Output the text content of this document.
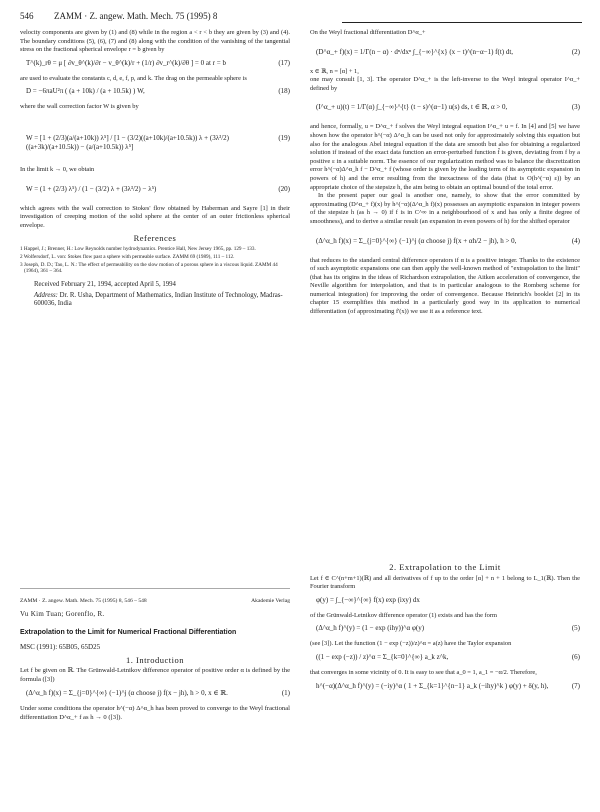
546 ZAMM · Z. angew. Math. Mech. 75 (1995) 8

velocity components are given by (1) and (8) while in the region a < r < b they are given by (3) and (4). The boundary conditions (5), (6), (7) and (8) along with the condition of the vanishing of the tangential stress on the fractional spherical envelope r = b given by

T^(k)_rθ = μ [ ∂v_θ^(k)/∂r − v_θ^(k)/r + (1/r) ∂v_r^(k)/∂θ ] = 0 at r = b	(17)

are used to evaluate the constants c, d, e, f, p, and k. The drag on the permeable sphere is

D = −6πaU²π ( (a + 10k) / (a + 10.5k) ) W,	(18)

where the wall correction factor W is given by

W = [1 + (2/3)(a/(a+10k)) λ⁵] / [1 − (3/2)((a+10k)/(a+10.5k)) λ + (3λ³/2)((a+3k)/(a+10.5k)) − (a/(a+10.5k)) λ⁵]
(19)

In the limit k → 0, we obtain

W = (1 + (2/3) λ⁵) / (1 − (3/2) λ + (3λ³/2) − λ⁵)	(20)

which agrees with the wall correction to Stokes' flow obtained by Haberman and Sayre [1] in their investigation of creeping motion of the solid sphere at the center of an outer frictionless spherical envelope.

References
1 Happel, J.; Brenner, H.: Low Reynolds number hydrodynamics. Prentice Hall, New Jersey 1965, pp. 129 – 133.
2 Wolfersdorf, L. von: Stokes flow past a sphere with permeable surface. ZAMM 69 (1989), 111 – 112.
3 Joseph, D. D.; Tao, L. N.: The effect of permeability on the slow motion of a porous sphere in a viscous liquid. ZAMM 44 (1964), 361 – 364.
Received February 21, 1994, accepted April 5, 1994
Address: Dr. R. Usha, Department of Mathematics, Indian Institute of Technology, Madras-600036, India
ZAMM · Z. angew. Math. Mech. 75 (1995) 8, 546 – 548	Akademie Verlag
Vu Kim Tuan; Gorenflo, R.
Extrapolation to the Limit for Numerical Fractional Differentiation
MSC (1991): 65B05, 65D25
1. Introduction

Let f be given on ℝ. The Grünwald-Letnikov difference operator of positive order α is defined by the formula ([3])

(Δ^α_h f)(x) = Σ_{j=0}^{∞} (−1)^j (α choose j) f(x − jh), h > 0, x ∈ ℝ.	(1)

Under some conditions the operator h^(−α) Δ^α_h has been proved to converge to the Weyl fractional differentiation D^α_+ f as h → 0 ([3]).

On the Weyl fractional differentiation D^α_+

(D^α_+ f)(x) = 1/Γ(n − α) · dⁿ/dxⁿ ∫_{−∞}^{x} (x − t)^(n−α−1) f(t) dt,	(2)

x ∈ ℝ, n = [α] + 1,

one may consult [1, 3]. The operator D^α_+ is the left-inverse to the Weyl integral operator I^α_+ defined by

(I^α_+ u)(t) = 1/Γ(α) ∫_{−∞}^{t} (t − s)^(α−1) u(s) ds, t ∈ ℝ, α > 0,	(3)

and hence, formally, u = D^α_+ f solves the Weyl integral equation I^α_+ u = f. In [4] and [5] we have shown how the operator h^(−α) Δ^α_h can be used not only for approximately solving this equation but also for the analogous Abel integral equation if the data are smooth but also for obtaining a regularized solution if instead of the exact data function an error-perturbed function f̃ is given, deviating from f by a positive ε in a suitable norm. The essence of our regularization method was to balance the discretization error h^(−α)Δ^α_h f − D^α_+ f (whose order is given by the leading term of its asymptotic expansion in powers of h) and the error resulting from the inexactness of the data (that is O(h^(−α) ε)) by an appropriate choice of the stepsize h, the aim being to obtain an optimal bound of the total error.

In the present paper our goal is another one, namely, to show that the error committed by approximating (D^α_+ f)(x) by h^(−α)(Δ^α_h f)(x) possesses an asymptotic expansion in integer powers of the stepsize h (as h → 0) if f is in C^∞ in a neighbourhood of x and has only a finite degree of smoothness), and to derive a similar result (an expansion in even powers of h) for the shifted operator

(Δ^α_h f)(x) = Σ_{j=0}^{∞} (−1)^j (α choose j) f(x + αh/2 − jh), h > 0,	(4)

that reduces to the standard central difference operators if α is a positive integer. Thanks to the existence of such asymptotic expansions one can then apply the well-known method of "extrapolation to the limit" (that has its origins in the ideas of Richardson extrapolation, the Aitken acceleration of convergence, the Neville algorithm for interpolation, and that is in particular analogous to the Romberg scheme for numerical integration) for improving the order of convergence. Because Heinrich's booklet [2] in its chapter 15 exemplifies this method in a particularly good way in its application to numerical differentiation (of approximating f'(x)) we use it as a reference text.

2. Extrapolation to the Limit

Let f ∈ C^(n+m+1)(ℝ) and all derivatives of f up to the order [α] + n + 1 belong to L_1(ℝ). Then the Fourier transform

φ(y) = ∫_{−∞}^{∞} f(x) exp (ixy) dx

of the Grünwald-Letnikov difference operator (1) exists and has the form

(Δ^α_h f)^(y) = (1 − exp (ihy))^α φ(y)	(5)

(see [3]). Let the function (1 − exp (−z))/z)^α = a(z) have the Taylor expansion

((1 − exp (−z)) / z)^α = Σ_{k=0}^{∞} a_k z^k,	(6)

that converges in some vicinity of 0. It is easy to see that a_0 = 1, a_1 = −α/2. Therefore,

h^(−α)(Δ^α_h f)^(y) = (−iy)^α ( 1 + Σ_{k=1}^{n−1} a_k (−ihy)^k ) φ(y) + δ(y, h),	(7)
